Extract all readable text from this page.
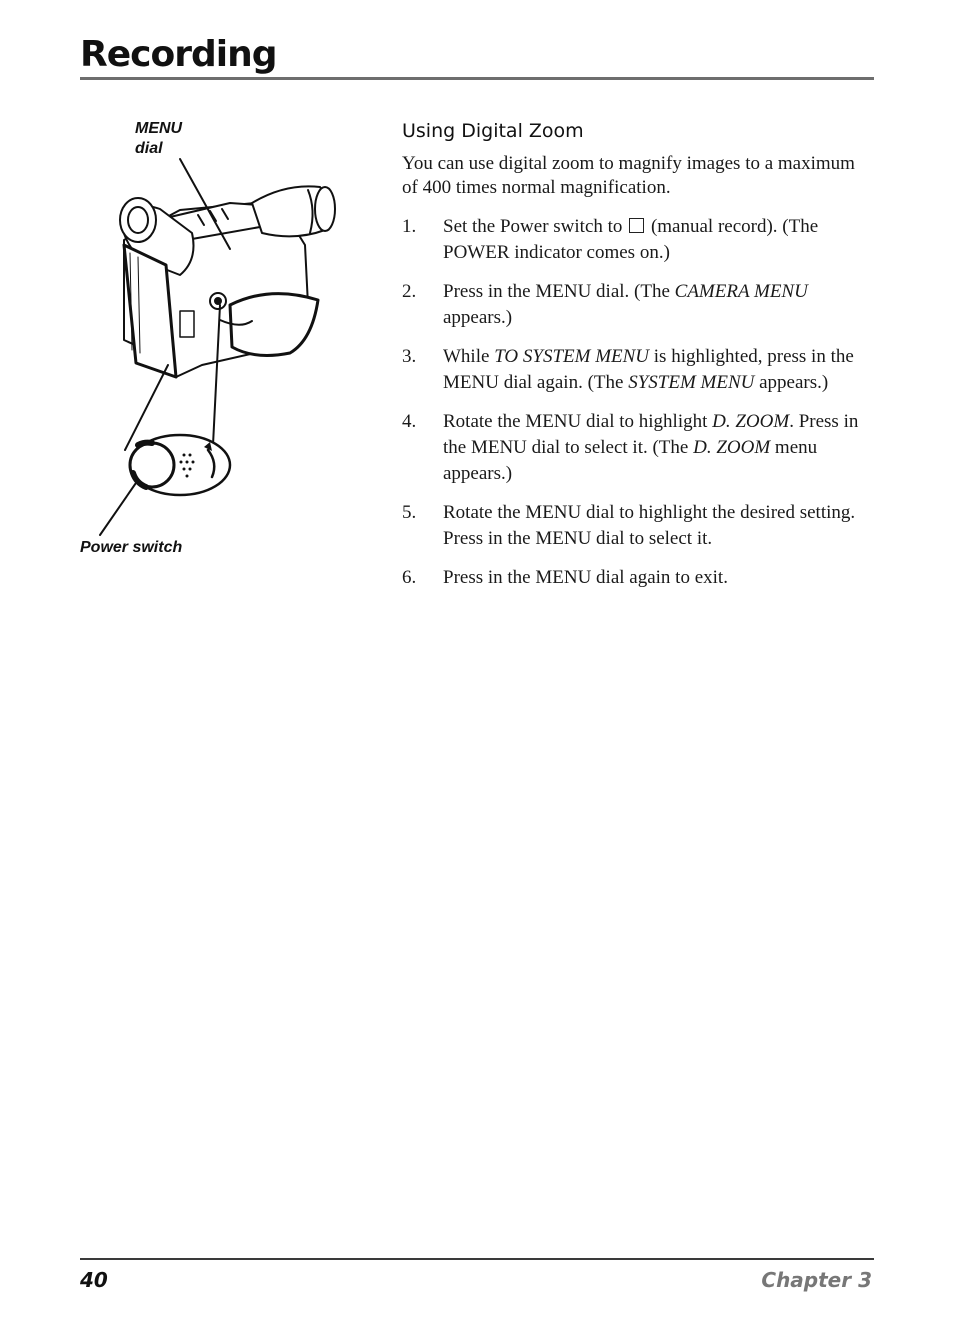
Recording
MENU
dial
Power switch
Using Digital Zoom

You can use digital zoom to magnify images to a maximum of 400 times normal magnification.

1. Set the Power switch to (manual record). (The POWER indicator comes on.)
2. Press in the MENU dial. (The CAMERA MENU appears.)
3. While TO SYSTEM MENU is highlighted, press in the MENU dial again. (The SYSTEM MENU appears.)
4. Rotate the MENU dial to highlight D. ZOOM. Press in the MENU dial to select it. (The D. ZOOM menu appears.)
5. Rotate the MENU dial to highlight the desired setting. Press in the MENU dial to select it.
6. Press in the MENU dial again to exit.
40	Chapter 3
